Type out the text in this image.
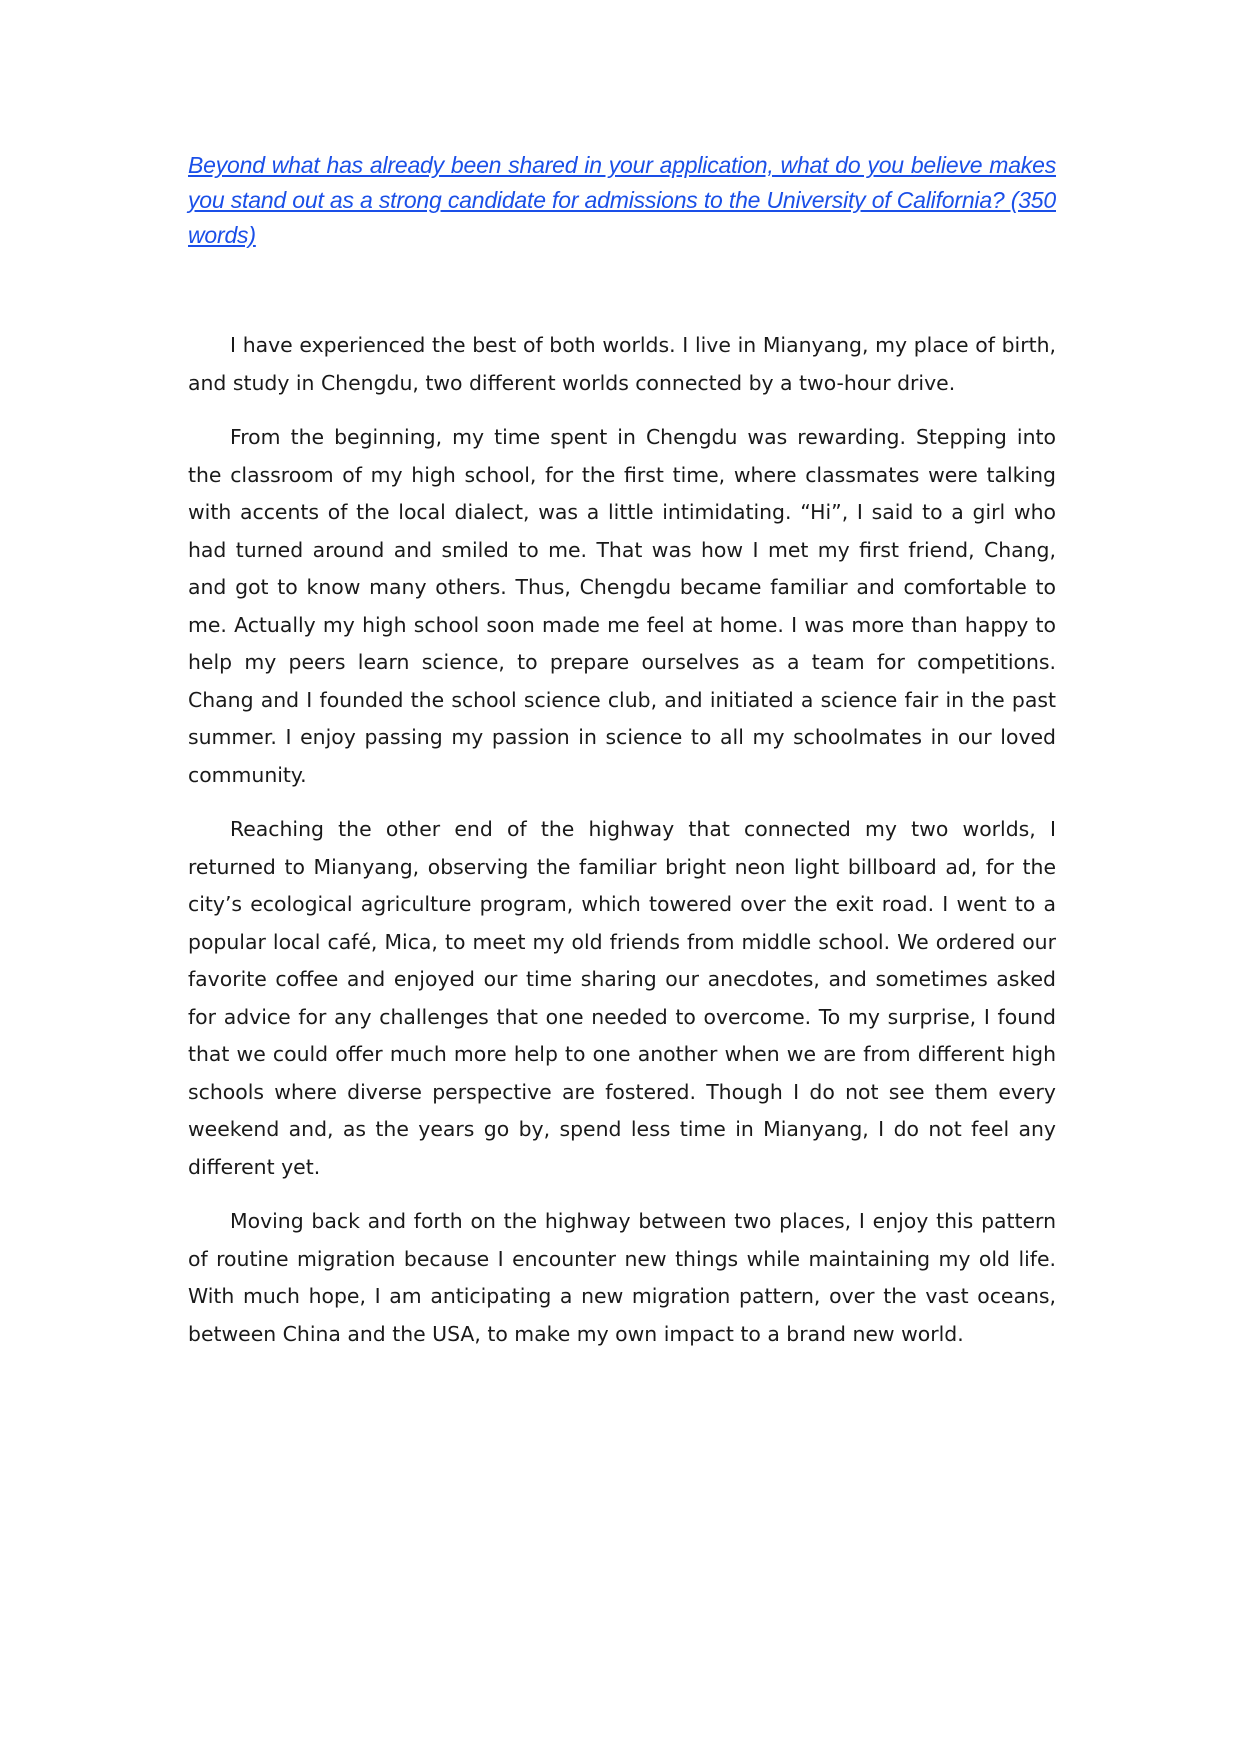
Beyond what has already been shared in your application, what do you believe makes you stand out as a strong candidate for admissions to the University of California? (350 words)

I have experienced the best of both worlds. I live in Mianyang, my place of birth, and study in Chengdu, two different worlds connected by a two-hour drive.

From the beginning, my time spent in Chengdu was rewarding. Stepping into the classroom of my high school, for the first time, where classmates were talking with accents of the local dialect, was a little intimidating. “Hi”, I said to a girl who had turned around and smiled to me. That was how I met my first friend, Chang, and got to know many others. Thus, Chengdu became familiar and comfortable to me. Actually my high school soon made me feel at home. I was more than happy to help my peers learn science, to prepare ourselves as a team for competitions. Chang and I founded the school science club, and initiated a science fair in the past summer. I enjoy passing my passion in science to all my schoolmates in our loved community.

Reaching the other end of the highway that connected my two worlds, I returned to Mianyang, observing the familiar bright neon light billboard ad, for the city’s ecological agriculture program, which towered over the exit road. I went to a popular local café, Mica, to meet my old friends from middle school. We ordered our favorite coffee and enjoyed our time sharing our anecdotes, and sometimes asked for advice for any challenges that one needed to overcome. To my surprise, I found that we could offer much more help to one another when we are from different high schools where diverse perspective are fostered. Though I do not see them every weekend and, as the years go by, spend less time in Mianyang, I do not feel any different yet.

Moving back and forth on the highway between two places, I enjoy this pattern of routine migration because I encounter new things while maintaining my old life. With much hope, I am anticipating a new migration pattern, over the vast oceans, between China and the USA, to make my own impact to a brand new world.
